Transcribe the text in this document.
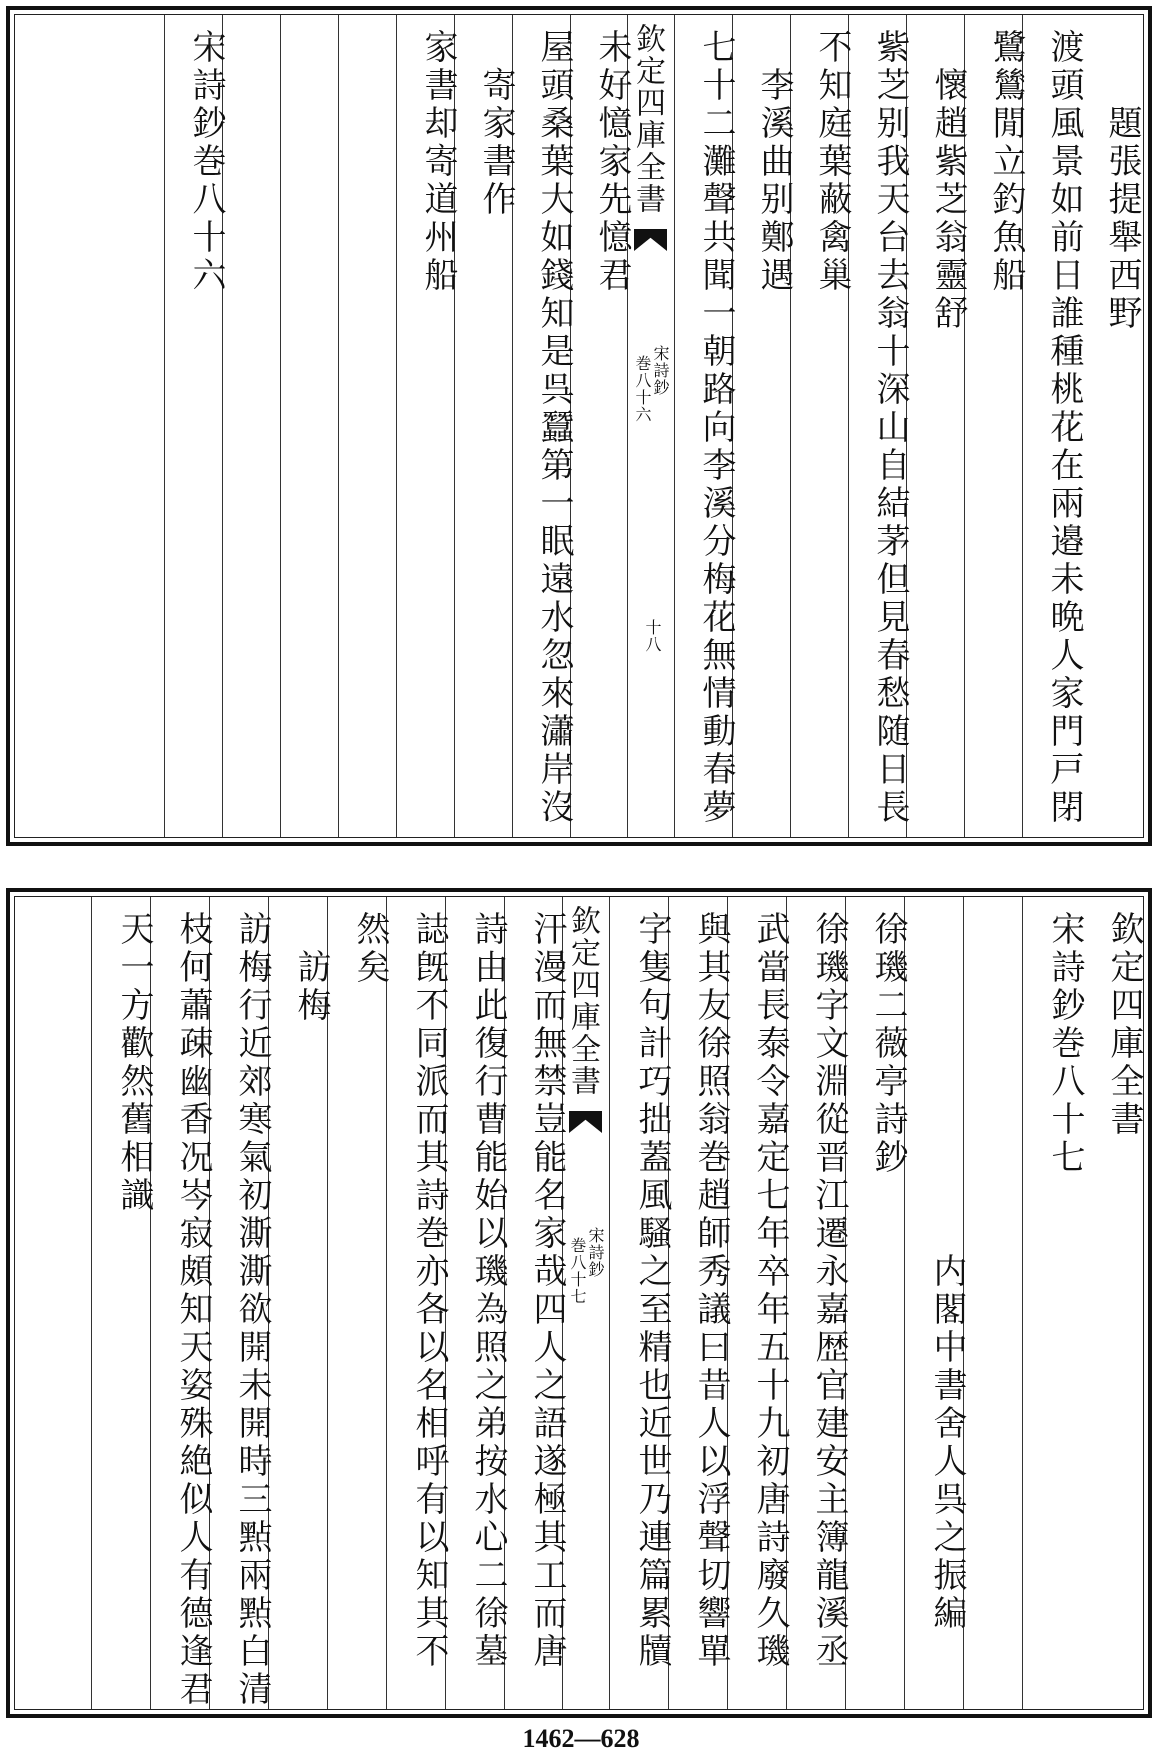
題張提舉西野
渡頭風景如前日誰種桃花在兩邉未晩人家門戸閉
鷺鷥閒立釣魚船
懷趙紫芝翁靈舒
紫芝别我天台去翁十深山自結茅但見春愁随日長
不知庭葉蔽禽巢
李溪曲别鄭遇
七十二灘聲共聞一朝路向李溪分梅花無情動春夢
欽定四庫全書
宋詩鈔
巻八十六
十八
未好憶家先憶君
屋頭桑葉大如錢知是呉蠶第一眠遠水忽來瀟岸沒
寄家書作
家書却寄道州船
宋詩鈔巻八十六
欽定四庫全書
宋詩鈔巻八十七
内閣中書舍人呉之振編
徐璣二薇亭詩鈔
徐璣字文淵從晋江遷永嘉歴官建安主簿龍溪丞
武當長泰令嘉定七年卒年五十九初唐詩廢久璣
與其友徐照翁巻趙師秀議曰昔人以浮聲切響單
字隻句計巧拙蓋風騷之至精也近世乃連篇累牘
欽定四庫全書
宋詩鈔
巻八十七
汗漫而無禁豈能名家哉四人之語遂極其工而唐
詩由此復行曹能始以璣為照之弟按水心二徐墓
誌旣不同派而其詩巻亦各以名相呼有以知其不
然矣
訪梅
訪梅行近郊寒氣初澌澌欲開未開時三㸃兩㸃白清
枝何蕭疎幽香况岑寂頗知天姿殊絶似人有德逢君
天一方歡然舊相識
1462—628
